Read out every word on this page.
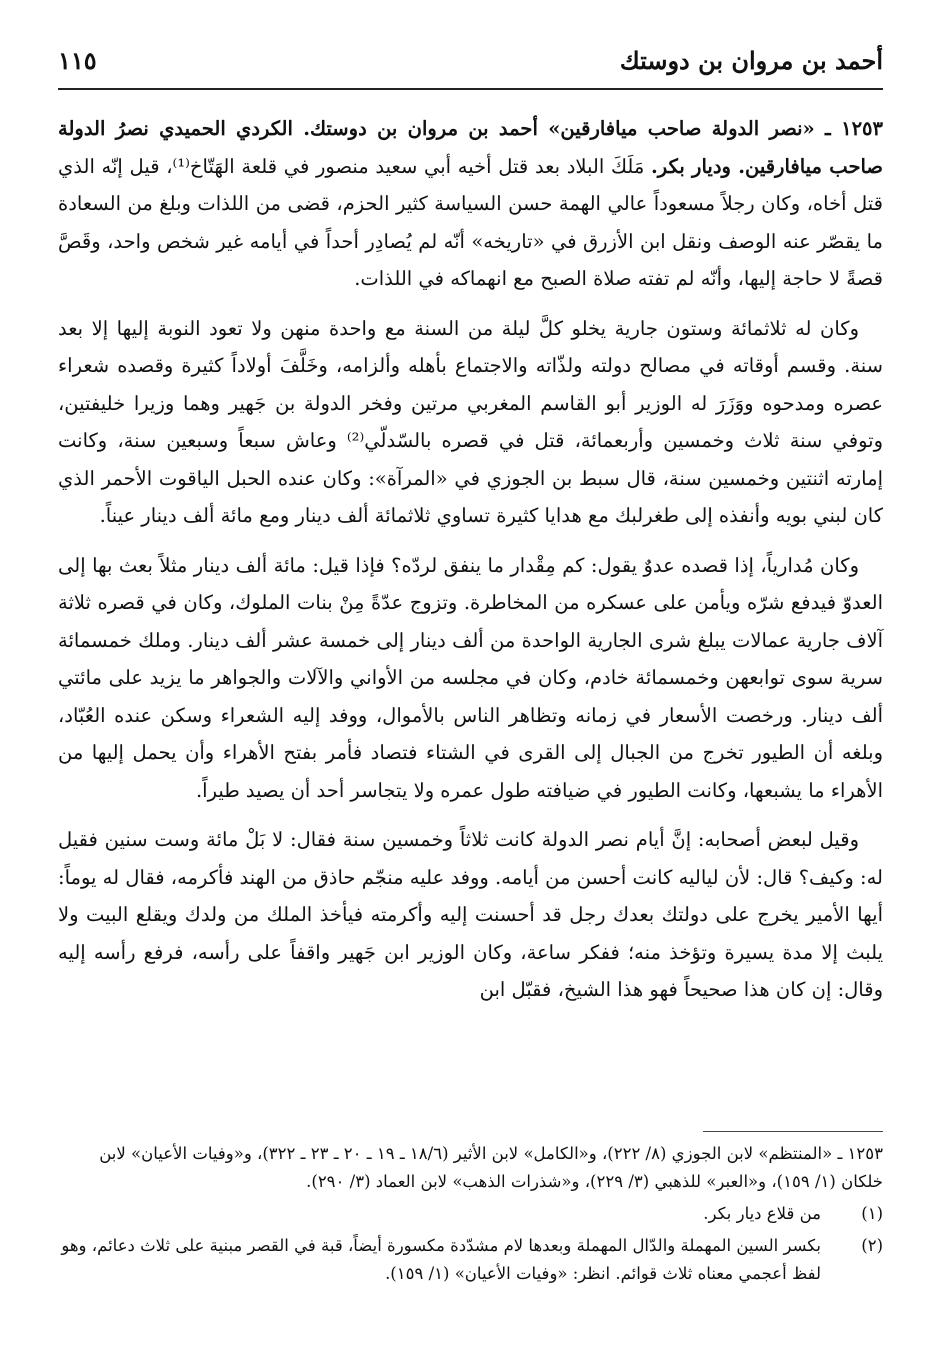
أحمد بن مروان بن دوستك
١١٥

١٢٥٣ ـ «نصر الدولة صاحب ميافارقين» أحمد بن مروان بن دوستك. الكردي الحميدي نصرُ الدولة صاحب ميافارقين. وديار بكر. مَلَكَ البلاد بعد قتل أخيه أبي سعيد منصور في قلعة الهَتّاخ⁽¹⁾، قيل إنّه الذي قتل أخاه، وكان رجلاً مسعوداً عالي الهمة حسن السياسة كثير الحزم، قضى من اللذات وبلغ من السعادة ما يقصّر عنه الوصف ونقل ابن الأزرق في «تاريخه» أنّه لم يُصادِر أحداً في أيامه غير شخص واحد، وقَصَّ قصةً لا حاجة إليها، وأنّه لم تفته صلاة الصبح مع انهماكه في اللذات.

وكان له ثلاثمائة وستون جارية يخلو كلَّ ليلة من السنة مع واحدة منهن ولا تعود النوبة إليها إلا بعد سنة. وقسم أوقاته في مصالح دولته ولذّاته والاجتماع بأهله وألزامه، وخَلَّفَ أولاداً كثيرة وقصده شعراء عصره ومدحوه ووَزَرَ له الوزير أبو القاسم المغربي مرتين وفخر الدولة بن جَهير وهما وزيرا خليفتين، وتوفي سنة ثلاث وخمسين وأربعمائة، قتل في قصره بالسّدلّي⁽²⁾ وعاش سبعاً وسبعين سنة، وكانت إمارته اثنتين وخمسين سنة، قال سبط بن الجوزي في «المرآة»: وكان عنده الحبل الياقوت الأحمر الذي كان لبني بويه وأنفذه إلى طغرلبك مع هدايا كثيرة تساوي ثلاثمائة ألف دينار ومع مائة ألف دينار عيناً.

وكان مُدارياً، إذا قصده عدوٌ يقول: كم مِقْدار ما ينفق لردّه؟ فإذا قيل: مائة ألف دينار مثلاً بعث بها إلى العدوّ فيدفع شرّه ويأمن على عسكره من المخاطرة. وتزوج عدّةً مِنْ بنات الملوك، وكان في قصره ثلاثة آلاف جارية عمالات يبلغ شرى الجارية الواحدة من ألف دينار إلى خمسة عشر ألف دينار. وملك خمسمائة سرية سوى توابعهن وخمسمائة خادم، وكان في مجلسه من الأواني والآلات والجواهر ما يزيد على مائتي ألف دينار. ورخصت الأسعار في زمانه وتظاهر الناس بالأموال، ووفد إليه الشعراء وسكن عنده العُبّاد، وبلغه أن الطيور تخرج من الجبال إلى القرى في الشتاء فتصاد فأمر بفتح الأهراء وأن يحمل إليها من الأهراء ما يشبعها، وكانت الطيور في ضيافته طول عمره ولا يتجاسر أحد أن يصيد طيراً.

وقيل لبعض أصحابه: إنَّ أيام نصر الدولة كانت ثلاثاً وخمسين سنة فقال: لا بَلْ مائة وست سنين فقيل له: وكيف؟ قال: لأن لياليه كانت أحسن من أيامه. ووفد عليه منجّم حاذق من الهند فأكرمه، فقال له يوماً: أيها الأمير يخرج على دولتك بعدك رجل قد أحسنت إليه وأكرمته فيأخذ الملك من ولدك ويقلع البيت ولا يلبث إلا مدة يسيرة وتؤخذ منه؛ ففكر ساعة، وكان الوزير ابن جَهير واقفاً على رأسه، فرفع رأسه إليه وقال: إن كان هذا صحيحاً فهو هذا الشيخ، فقبّل ابن

١٢٥٣ ـ «المنتظم» لابن الجوزي (٨/ ٢٢٢)، و«الكامل» لابن الأثير (١٨/٦ ـ ١٩ ـ ٢٠ ـ ٢٣ ـ ٣٢٢)، و«وفيات الأعيان» لابن خلكان (١/ ١٥٩)، و«العبر» للذهبي (٣/ ٢٢٩)، و«شذرات الذهب» لابن العماد (٣/ ٢٩٠).
(١)
من قلاع ديار بكر.
(٢)
بكسر السين المهملة والدّال المهملة وبعدها لام مشدّدة مكسورة أيضاً، قبة في القصر مبنية على ثلاث دعائم، وهو لفظ أعجمي معناه ثلاث قوائم. انظر: «وفيات الأعيان» (١/ ١٥٩).
